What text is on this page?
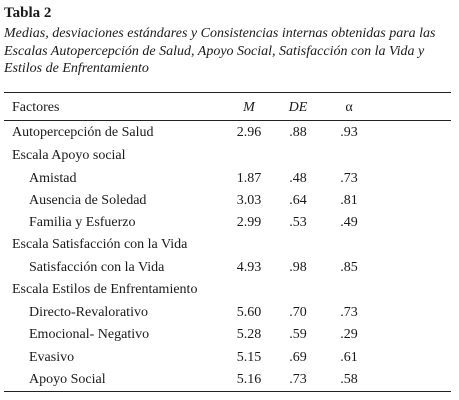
Tabla 2
Medias, desviaciones estándares y Consistencias internas obtenidas para las Escalas Autopercepción de Salud, Apoyo Social, Satisfacción con la Vida y Estilos de Enfrentamiento
Factores	M	DE	α
Autopercepción de Salud	2.96	.88	.93
Escala Apoyo social
Amistad	1.87	.48	.73
Ausencia de Soledad	3.03	.64	.81
Familia y Esfuerzo	2.99	.53	.49
Escala Satisfacción con la Vida
Satisfacción con la Vida	4.93	.98	.85
Escala Estilos de Enfrentamiento
Directo-Revalorativo	5.60	.70	.73
Emocional- Negativo	5.28	.59	.29
Evasivo	5.15	.69	.61
Apoyo Social	5.16	.73	.58
